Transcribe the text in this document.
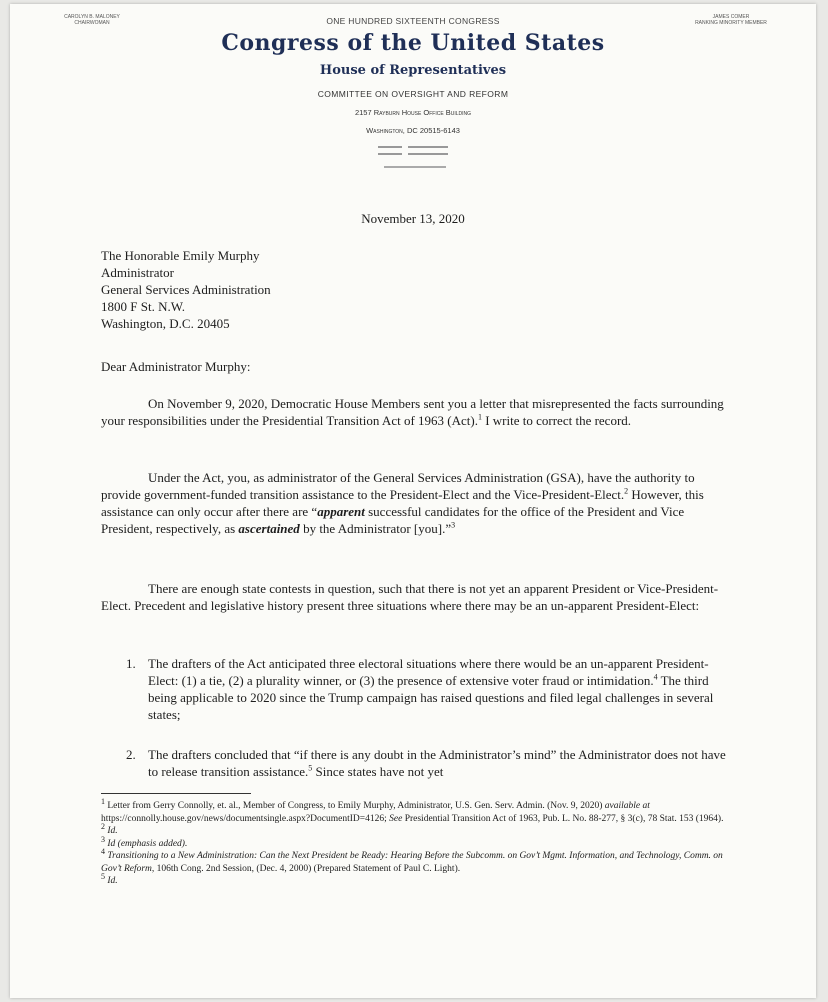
CAROLYN B. MALONEY
CHAIRWOMAN	ONE HUNDRED SIXTEENTH CONGRESS	JAMES COMER
RANKING MINORITY MEMBER
Congress of the United States
House of Representatives
COMMITTEE ON OVERSIGHT AND REFORM
2157 Rayburn House Office Building
Washington, DC 20515-6143
November 13, 2020
The Honorable Emily Murphy
Administrator
General Services Administration
1800 F St. N.W.
Washington, D.C. 20405
Dear Administrator Murphy:
On November 9, 2020, Democratic House Members sent you a letter that misrepresented the facts surrounding your responsibilities under the Presidential Transition Act of 1963 (Act).$^1$ I write to correct the record.
Under the Act, you, as administrator of the General Services Administration (GSA), have the authority to provide government-funded transition assistance to the President-Elect and the Vice-President-Elect.$^2$ However, this assistance can only occur after there are “apparent successful candidates for the office of the President and Vice President, respectively, as ascertained by the Administrator [you].”$^3$
There are enough state contests in question, such that there is not yet an apparent President or Vice-President-Elect. Precedent and legislative history present three situations where there may be an un-apparent President-Elect:
1. The drafters of the Act anticipated three electoral situations where there would be an un-apparent President-Elect: (1) a tie, (2) a plurality winner, or (3) the presence of extensive voter fraud or intimidation.$^4$ The third being applicable to 2020 since the Trump campaign has raised questions and filed legal challenges in several states;
2. The drafters concluded that “if there is any doubt in the Administrator’s mind” the Administrator does not have to release transition assistance.$^5$ Since states have not yet
$^1$ Letter from Gerry Connolly, et. al., Member of Congress, to Emily Murphy, Administrator, U.S. Gen. Serv. Admin. (Nov. 9, 2020) available at https://connolly.house.gov/news/documentsingle.aspx?DocumentID=4126; See Presidential Transition Act of 1963, Pub. L. No. 88-277, § 3(c), 78 Stat. 153 (1964).
$^2$ Id.
$^3$ Id (emphasis added).
$^4$ Transitioning to a New Administration: Can the Next President be Ready: Hearing Before the Subcomm. on Gov’t Mgmt. Information, and Technology, Comm. on Gov’t Reform, 106th Cong. 2nd Session, (Dec. 4, 2000) (Prepared Statement of Paul C. Light).
$^5$ Id.
